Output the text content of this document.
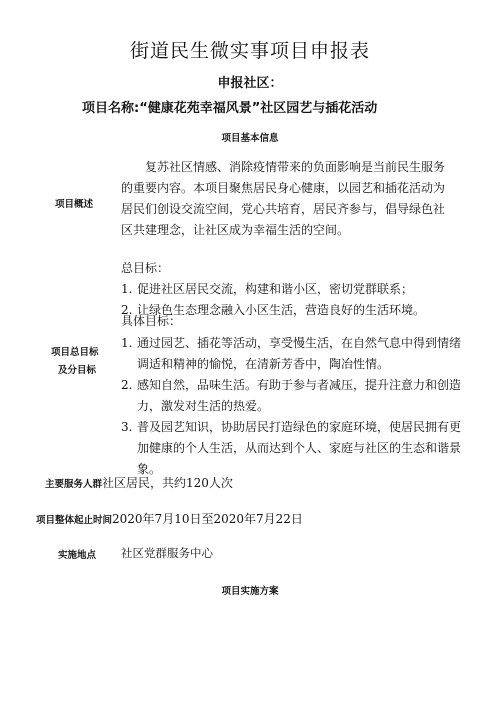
街道民生微实事项目申报表
申报社区：
项目名称:“健康花苑幸福风景”社区园艺与插花活动
项目基本信息
项目概述

复苏社区情感、消除疫情带来的负面影响是当前民生服务的重要内容。本项目聚焦居民身心健康，以园艺和插花活动为居民们创设交流空间，党心共培育，居民齐参与，倡导绿色社区共建理念，让社区成为幸福生活的空间。

项目总目标
及分目标
总目标：
1. 促进社区居民交流，构建和谐小区，密切党群联系；
2. 让绿色生态理念融入小区生活，营造良好的生活环境。
具体目标：
1. 通过园艺、插花等活动，享受慢生活，在自然气息中得到情绪调适和精神的愉悦，在清新芳香中，陶冶性情。
2. 感知自然，品味生活。有助于参与者减压，提升注意力和创造力，激发对生活的热爱。
3. 普及园艺知识，协助居民打造绿色的家庭环境，使居民拥有更加健康的个人生活，从而达到个人、家庭与社区的生态和谐景象。
主要服务人群社区居民，共约120人次
项目整体起止时间2020年7月10日至2020年7月22日
实施地点 社区党群服务中心
项目实施方案
